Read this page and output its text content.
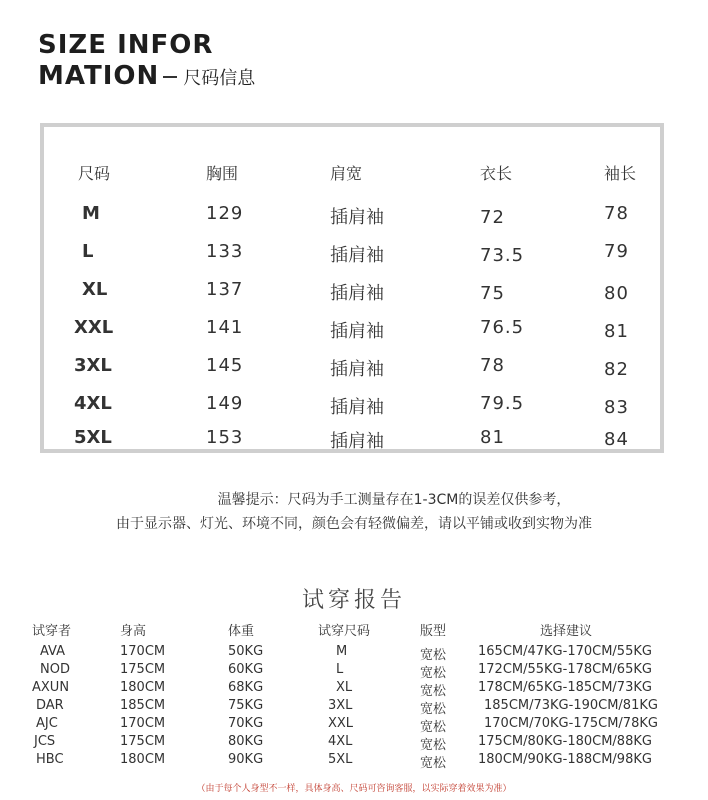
SIZE INFOR
MATION 尺码信息
尺码	胸围	肩宽	衣长	袖长
M	129	插肩袖	72	78
L	133	插肩袖	73.5	79
XL	137	插肩袖	75	80
XXL	141	插肩袖	76.5	81
3XL	145	插肩袖	78	82
4XL	149	插肩袖	79.5	83
5XL	153	插肩袖	81	84
温馨提示：尺码为手工测量存在1-3CM的误差仅供参考，
由于显示器、灯光、环境不同，颜色会有轻微偏差，请以平铺或收到实物为准
试穿报告
试穿者	身高	体重	试穿尺码	版型	选择建议
AVA	170CM	50KG	M	宽松 165CM/47KG-170CM/55KG
NOD	175CM	60KG	L	宽松 172CM/55KG-178CM/65KG
AXUN	180CM	68KG	XL	宽松 178CM/65KG-185CM/73KG
DAR	185CM	75KG	3XL	宽松	185CM/73KG-190CM/81KG
AJC	170CM	70KG	XXL	宽松	170CM/70KG-175CM/78KG
JCS	175CM	80KG	4XL	宽松 175CM/80KG-180CM/88KG
HBC	180CM	90KG	5XL	宽松 180CM/90KG-188CM/98KG
（由于每个人身型不一样，具体身高、尺码可咨询客服，以实际穿着效果为准）
